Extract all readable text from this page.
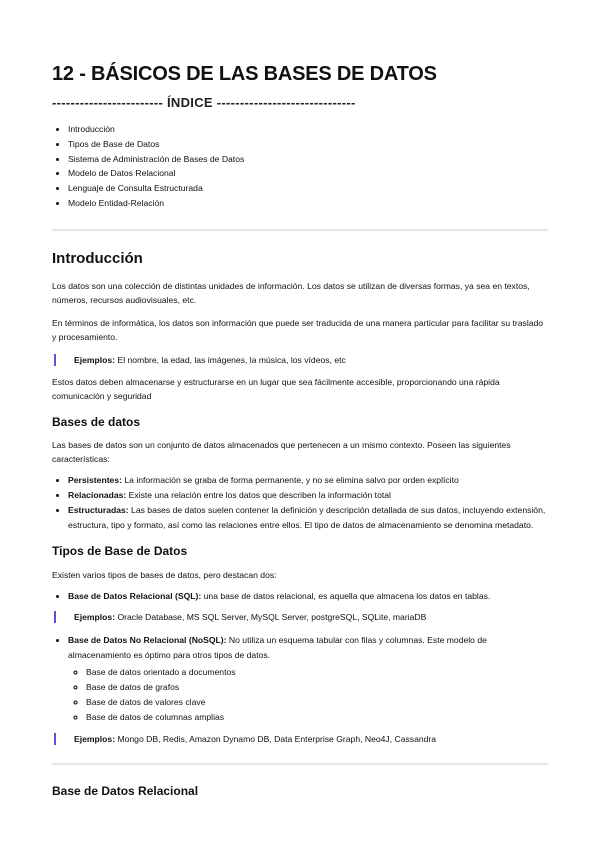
12 - BÁSICOS DE LAS BASES DE DATOS
------------------------ ÍNDICE ------------------------------
• Introducción
• Tipos de Base de Datos
• Sistema de Administración de Bases de Datos
• Modelo de Datos Relacional
• Lenguaje de Consulta Estructurada
• Modelo Entidad-Relación
Introducción

Los datos son una colección de distintas unidades de información. Los datos se utilizan de diversas formas, ya sea en textos, números, recursos audiovisuales, etc.

En términos de informática, los datos son información que puede ser traducida de una manera particular para facilitar su traslado y procesamiento.

Ejemplos: El nombre, la edad, las imágenes, la música, los vídeos, etc

Estos datos deben almacenarse y estructurarse en un lugar que sea fácilmente accesible, proporcionando una rápida comunicación y seguridad

Bases de datos

Las bases de datos son un conjunto de datos almacenados que pertenecen a un mismo contexto. Poseen las siguientes características:

• Persistentes: La información se graba de forma permanente, y no se elimina salvo por orden explícito
• Relacionadas: Existe una relación entre los datos que describen la información total
• Estructuradas: Las bases de datos suelen contener la definición y descripción detallada de sus datos, incluyendo extensión, estructura, tipo y formato, así como las relaciones entre ellos. El tipo de datos de almacenamiento se denomina metadato.
Tipos de Base de Datos

Existen varios tipos de bases de datos, pero destacan dos:

• Base de Datos Relacional (SQL): una base de datos relacional, es aquella que almacena los datos en tablas.
Ejemplos: Oracle Database, MS SQL Server, MySQL Server, postgreSQL, SQLite, mariaDB
• Base de Datos No Relacional (NoSQL): No utiliza un esquema tabular con filas y columnas. Este modelo de almacenamiento es óptimo para otros tipos de datos.
◦ Base de datos orientado a documentos
◦ Base de datos de grafos
◦ Base de datos de valores clave
◦ Base de datos de columnas amplias
Ejemplos: Mongo DB, Redis, Amazon Dynamo DB, Data Enterprise Graph, Neo4J, Cassandra
Base de Datos Relacional
